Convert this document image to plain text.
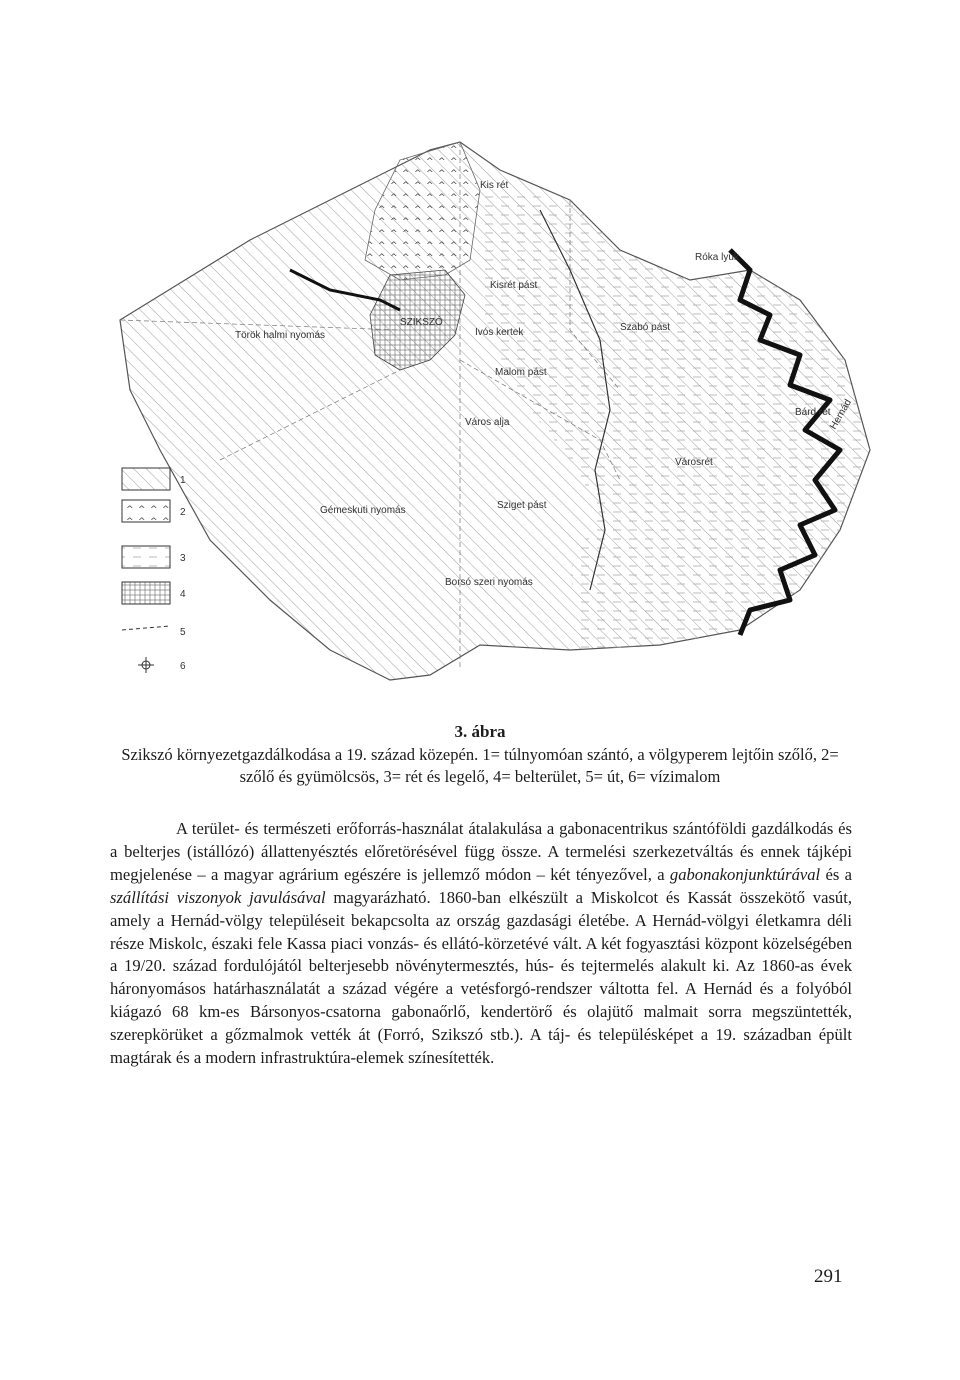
Kis rét
Kisrét pást
SZIKSZÓ
Ivós kertek
Malom pást
Török halmi nyomás
Város alja
Szabó pást
Róka lyuk
Bárd rét
Városrét
Gémeskuti nyomás	Sziget pást
Borsó szeri nyomás
Hernád
1
2
3
4
5
6
3. ábra
Szikszó környezetgazdálkodása a 19. század közepén. 1= túlnyomóan szántó, a völgyperem lejtőin szőlő, 2= szőlő és gyümölcsös, 3= rét és legelő, 4= belterület, 5= út, 6= vízimalom

A terület- és természeti erőforrás-használat átalakulása a gabonacentrikus szántóföldi gazdálkodás és a belterjes (istállózó) állattenyésztés előretörésével függ össze. A termelési szerkezetváltás és ennek tájképi megjelenése – a magyar agrárium egészére is jellemző módon – két tényezővel, a gabonakonjunktúrával és a szállítási viszonyok javulásával magyarázható. 1860-ban elkészült a Miskolcot és Kassát összekötő vasút, amely a Hernád-völgy településeit bekapcsolta az ország gazdasági életébe. A Hernád-völgyi életkamra déli része Miskolc, északi fele Kassa piaci vonzás- és ellátó-körzetévé vált. A két fogyasztási központ közelségében a 19/20. század fordulójától belterjesebb növénytermesztés, hús- és tejtermelés alakult ki. Az 1860-as évek háronyomásos határhasználatát a század végére a vetésforgó-rendszer váltotta fel. A Hernád és a folyóból kiágazó 68 km-es Bársonyos-csatorna gabonaőrlő, kendertörő és olajütő malmait sorra megszüntették, szerepkörüket a gőzmalmok vették át (Forró, Szikszó stb.). A táj- és településképet a 19. században épült magtárak és a modern infrastruktúra-elemek színesítették.

291
